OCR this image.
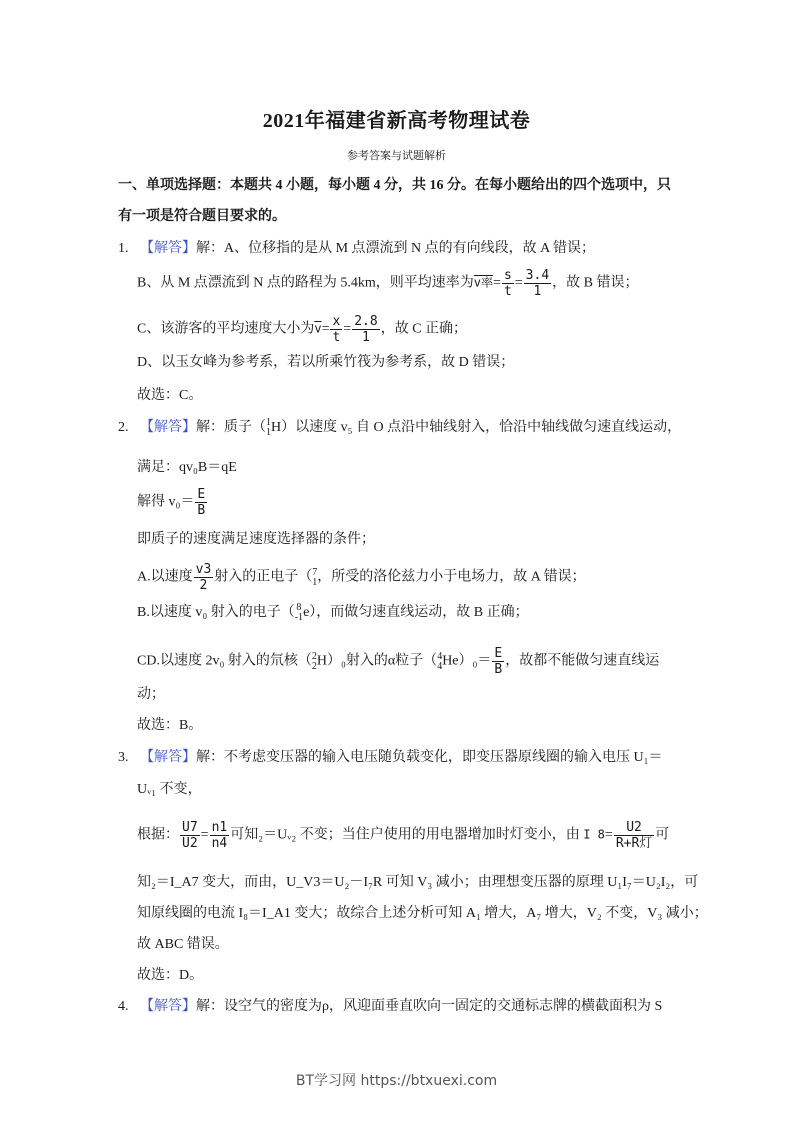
2021年福建省新高考物理试卷
参考答案与试题解析
一、单项选择题：本题共 4 小题，每小题 4 分，共 16 分。在每小题给出的四个选项中，只
有一项是符合题目要求的。
1. 【解答】解：A、位移指的是从 M 点漂流到 N 点的有向线段，故 A 错误；
B、从 M 点漂流到 N 点的路程为 5.4km，则平均速率为v率= $\frac{s}{t} = \frac{3.4}{1}$ ，故 B 错误；
C、该游客的平均速度大小为$\overline{v}= \frac{x}{t} = \frac{2.8}{1}$ ，故 C 正确；
D、以玉女峰为参考系，若以所乘竹筏为参考系，故 D 错误；
故选：C。
2. 【解答】解：质子（ 1
1 H）以速度 v₅ 自 O 点沿中轴线射入，恰沿中轴线做匀速直线运动，
满足：qv₀B＝qE
解得 $v_0= \frac{E}{B}$
即质子的速度满足速度选择器的条件；
A.以速度 $\frac{v3}{2}$ 射入的正电子（ 7
1 ，所受的洛伦兹力小于电场力，故 A 错误；
B.以速度 v₀ 射入的电子（ 8
-1 e），而做匀速直线运动，故 B 正确；
CD.以速度 2v₀ 射入的氘核（ 2
2 H）₀射入的α粒子（ 4
4 $He)_0= \frac{E}{B}$ ，故都不能做匀速直线运
动；
故选：B。
3. 【解答】解：不考虑变压器的输入电压随负载变化，即变压器原线圈的输入电压 U₁＝
Uᵥ₁ 不变，
根据： $\frac{U7}{U2} = \frac{n1}{n4}$ 可知₂＝Uᵥ₂ 不变；当住户使用的用电器增加时灯变小，由 I $8= \frac{U2}{\text{R+R灯}}$ 可
知₂＝I_A7 变大，而由，U_V3＝U₂－I₇R 可知 V₃ 减小；由理想变压器的原理 U₁I₇＝U₂I₂，可
知原线圈的电流 I₈＝I_A1 变大；故综合上述分析可知 A₁ 增大，A₇ 增大，V₂ 不变，V₃ 减小；
故 ABC 错误。
故选：D。
4. 【解答】解：设空气的密度为ρ，风迎面垂直吹向一固定的交通标志牌的横截面积为 S
BT学习网 https://btxuexi.com
